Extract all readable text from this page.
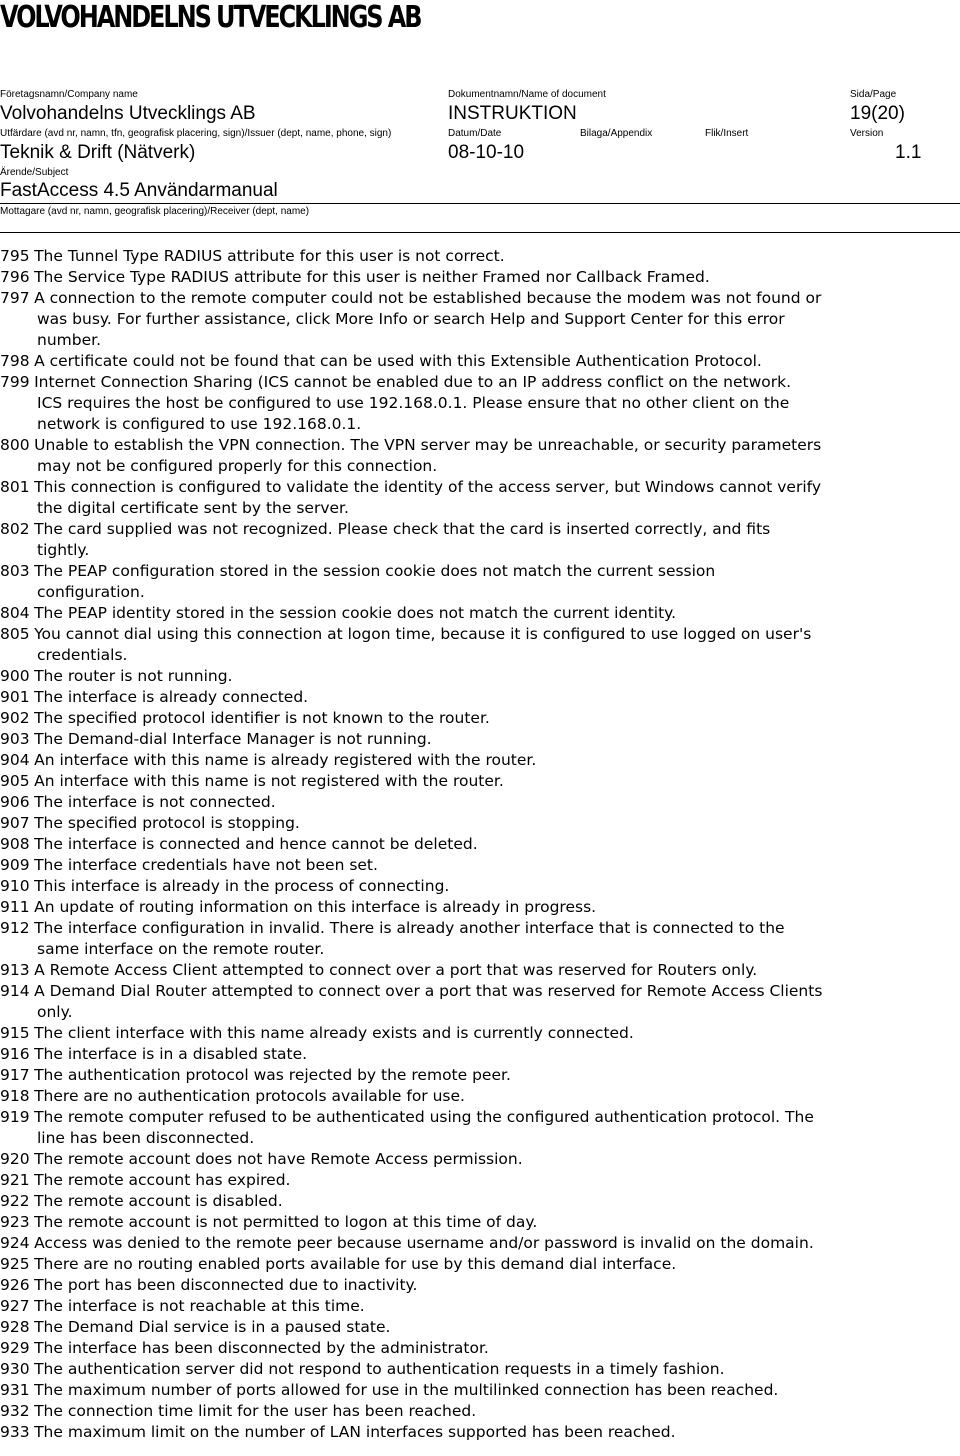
VOLVOHANDELNS UTVECKLINGS AB
Företagsnamn/Company name
Volvohandelns Utvecklings AB
Dokumentnamn/Name of document
INSTRUKTION
Sida/Page
19(20)
Utfärdare (avd nr, namn, tfn, geografisk placering, sign)/Issuer (dept, name, phone, sign)
Teknik & Drift (Nätverk)
Datum/Date
08-10-10
Bilaga/Appendix	Flik/Insert	Version
1.1
Ärende/Subject
FastAccess 4.5 Användarmanual
Mottagare (avd nr, namn, geografisk placering)/Receiver (dept, name)
795 The Tunnel Type RADIUS attribute for this user is not correct.
796 The Service Type RADIUS attribute for this user is neither Framed nor Callback Framed.
797 A connection to the remote computer could not be established because the modem was not found or
was busy. For further assistance, click More Info or search Help and Support Center for this error
number.
798 A certificate could not be found that can be used with this Extensible Authentication Protocol.
799 Internet Connection Sharing (ICS cannot be enabled due to an IP address conflict on the network.
ICS requires the host be configured to use 192.168.0.1. Please ensure that no other client on the
network is configured to use 192.168.0.1.
800 Unable to establish the VPN connection. The VPN server may be unreachable, or security parameters
may not be configured properly for this connection.
801 This connection is configured to validate the identity of the access server, but Windows cannot verify
the digital certificate sent by the server.
802 The card supplied was not recognized. Please check that the card is inserted correctly, and fits
tightly.
803 The PEAP configuration stored in the session cookie does not match the current session
configuration.
804 The PEAP identity stored in the session cookie does not match the current identity.
805 You cannot dial using this connection at logon time, because it is configured to use logged on user's
credentials.
900 The router is not running.
901 The interface is already connected.
902 The specified protocol identifier is not known to the router.
903 The Demand-dial Interface Manager is not running.
904 An interface with this name is already registered with the router.
905 An interface with this name is not registered with the router.
906 The interface is not connected.
907 The specified protocol is stopping.
908 The interface is connected and hence cannot be deleted.
909 The interface credentials have not been set.
910 This interface is already in the process of connecting.
911 An update of routing information on this interface is already in progress.
912 The interface configuration in invalid. There is already another interface that is connected to the
same interface on the remote router.
913 A Remote Access Client attempted to connect over a port that was reserved for Routers only.
914 A Demand Dial Router attempted to connect over a port that was reserved for Remote Access Clients
only.
915 The client interface with this name already exists and is currently connected.
916 The interface is in a disabled state.
917 The authentication protocol was rejected by the remote peer.
918 There are no authentication protocols available for use.
919 The remote computer refused to be authenticated using the configured authentication protocol. The
line has been disconnected.
920 The remote account does not have Remote Access permission.
921 The remote account has expired.
922 The remote account is disabled.
923 The remote account is not permitted to logon at this time of day.
924 Access was denied to the remote peer because username and/or password is invalid on the domain.
925 There are no routing enabled ports available for use by this demand dial interface.
926 The port has been disconnected due to inactivity.
927 The interface is not reachable at this time.
928 The Demand Dial service is in a paused state.
929 The interface has been disconnected by the administrator.
930 The authentication server did not respond to authentication requests in a timely fashion.
931 The maximum number of ports allowed for use in the multilinked connection has been reached.
932 The connection time limit for the user has been reached.
933 The maximum limit on the number of LAN interfaces supported has been reached.
